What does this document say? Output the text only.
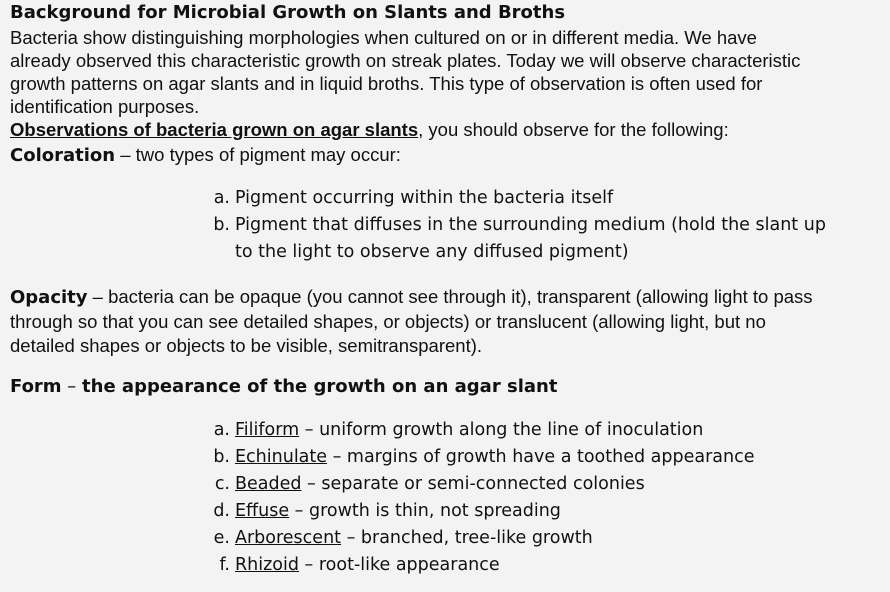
Background for Microbial Growth on Slants and Broths
Bacteria show distinguishing morphologies when cultured on or in different media. We have
already observed this characteristic growth on streak plates. Today we will observe characteristic
growth patterns on agar slants and in liquid broths. This type of observation is often used for
identification purposes.
Observations of bacteria grown on agar slants, you should observe for the following:
Coloration – two types of pigment may occur:
a. Pigment occurring within the bacteria itself
b. Pigment that diffuses in the surrounding medium (hold the slant up
to the light to observe any diffused pigment)
Opacity – bacteria can be opaque (you cannot see through it), transparent (allowing light to pass
through so that you can see detailed shapes, or objects) or translucent (allowing light, but no
detailed shapes or objects to be visible, semitransparent).
Form – the appearance of the growth on an agar slant
a. Filiform – uniform growth along the line of inoculation
b. Echinulate – margins of growth have a toothed appearance
c. Beaded – separate or semi-connected colonies
d. Effuse – growth is thin, not spreading
e. Arborescent – branched, tree-like growth
f. Rhizoid – root-like appearance
